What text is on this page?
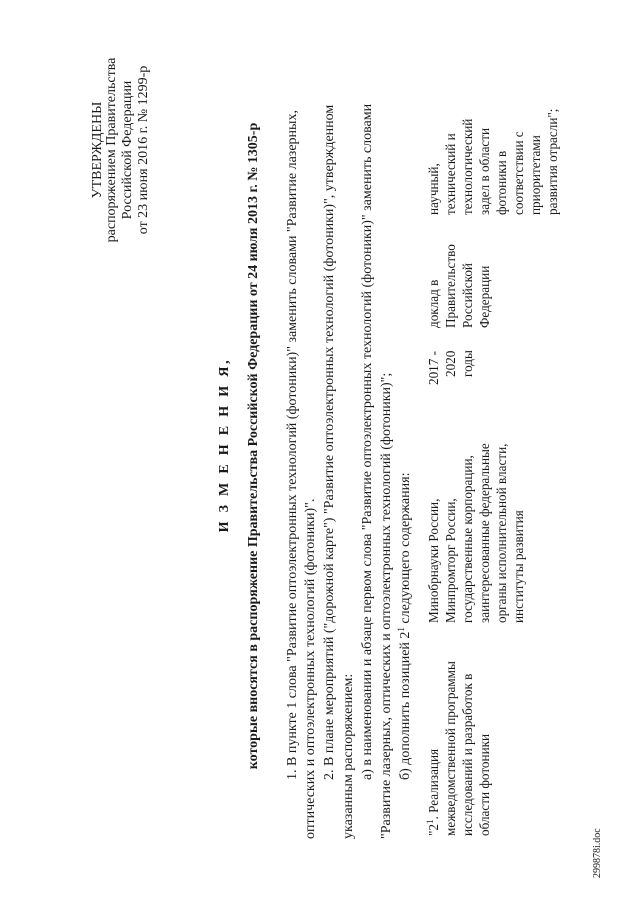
УТВЕРЖДЕНЫ распоряжением Правительства Российской Федерации от 23 июня 2016 г. № 1299-р
И З М Е Н Е Н И Я, которые вносятся в распоряжение Правительства Российской Федерации от 24 июля 2013 г. № 1305-р 1. В пункте 1 слова "Развитие оптоэлектронных технологий (фотоники)" заменить словами "Развитие лазерных, оптических и оптоэлектронных технологий (фотоники)". 2. В плане мероприятий ("дорожной карте") "Развитие оптоэлектронных технологий (фотоники)", утвержденном указанным распоряжением: а) в наименовании и абзаце первом слова "Развитие оптоэлектронных технологий (фотоники)" заменить словами "Развитие лазерных, оптических и оптоэлектронных технологий (фотоники)"; б) дополнить позицией $2^1$ следующего содержания:
"$2^1$. Реализация межведомственной программы исследований и разработок в области фотоники
Минобрнауки России, Минпромторг России, государственные корпорации, заинтересованные федеральные органы исполнительной власти, институты развития
2017 - 2020 годы
доклад в Правительство Российской Федерации
научный, технический и технологический задел в области фотоники в соответствии с приоритетами развития отрасли";
299878i.doc
